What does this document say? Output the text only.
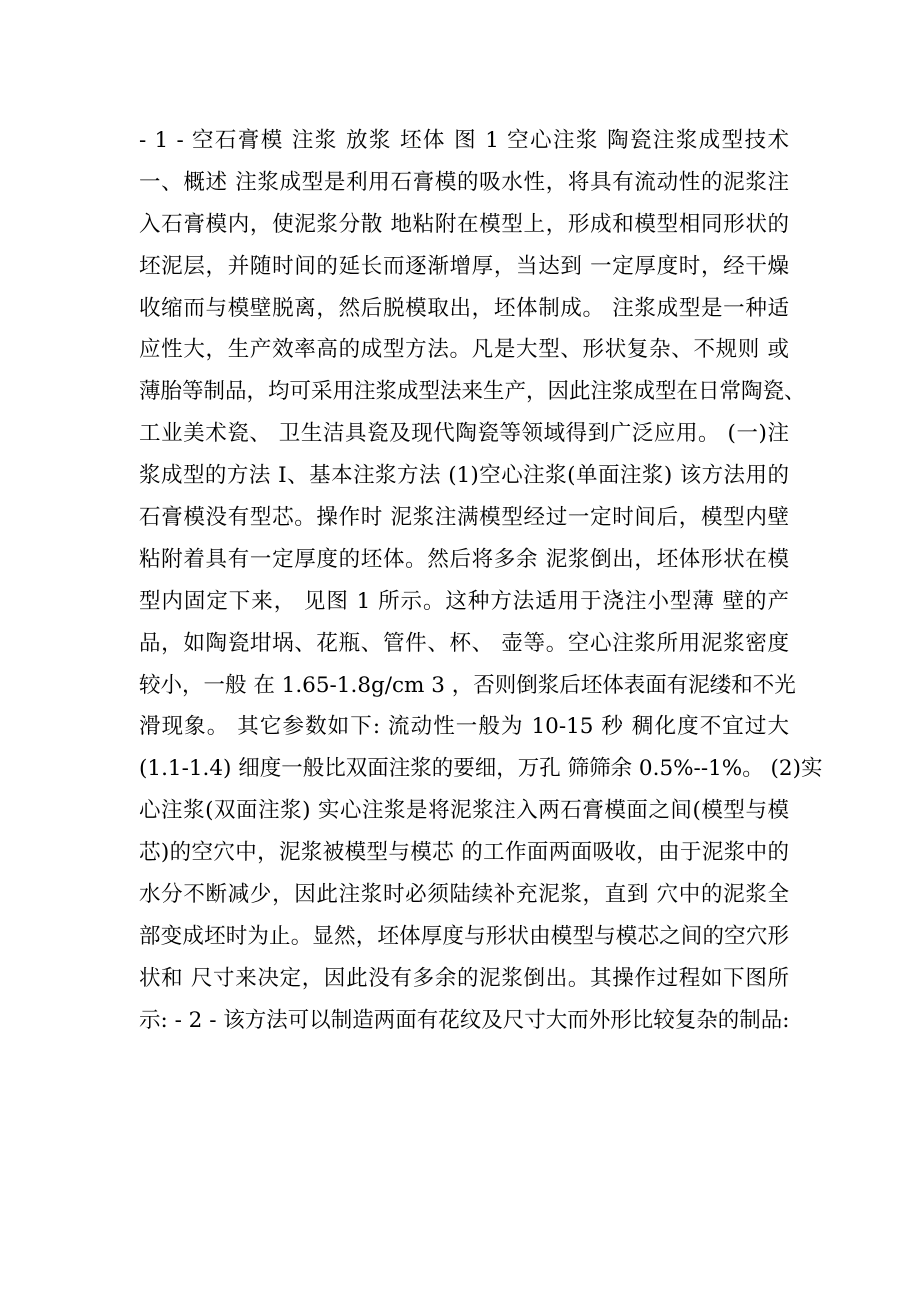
- 1 - 空石膏模 注浆 放浆 坯体 图 1 空心注浆 陶瓷注浆成型技术
一、概述 注浆成型是利用石膏模的吸水性，将具有流动性的泥浆注
入石膏模内，使泥浆分散 地粘附在模型上，形成和模型相同形状的
坯泥层，并随时间的延长而逐渐增厚，当达到 一定厚度时，经干燥
收缩而与模壁脱离，然后脱模取出，坯体制成。 注浆成型是一种适
应性大，生产效率高的成型方法。凡是大型、形状复杂、不规则 或
薄胎等制品，均可采用注浆成型法来生产，因此注浆成型在日常陶瓷、
工业美术瓷、 卫生洁具瓷及现代陶瓷等领域得到广泛应用。 (一)注
浆成型的方法 I、基本注浆方法 (1)空心注浆(单面注浆) 该方法用的
石膏模没有型芯。操作时 泥浆注满模型经过一定时间后，模型内壁
粘附着具有一定厚度的坯体。然后将多余 泥浆倒出，坯体形状在模
型内固定下来， 见图 1 所示。这种方法适用于浇注小型薄 壁的产
品，如陶瓷坩埚、花瓶、管件、杯、 壶等。空心注浆所用泥浆密度
较小，一般 在 1.65-1.8g/cm 3 ，否则倒浆后坯体表面有泥缕和不光
滑现象。 其它参数如下: 流动性一般为 10-15 秒 稠化度不宜过大
(1.1-1.4) 细度一般比双面注浆的要细，万孔 筛筛余 0.5%--1%。 (2)实
心注浆(双面注浆) 实心注浆是将泥浆注入两石膏模面之间(模型与模
芯)的空穴中，泥浆被模型与模芯 的工作面两面吸收，由于泥浆中的
水分不断减少，因此注浆时必须陆续补充泥浆，直到 穴中的泥浆全
部变成坯时为止。显然，坯体厚度与形状由模型与模芯之间的空穴形
状和 尺寸来决定，因此没有多余的泥浆倒出。其操作过程如下图所
示: - 2 - 该方法可以制造两面有花纹及尺寸大而外形比较复杂的制品:
